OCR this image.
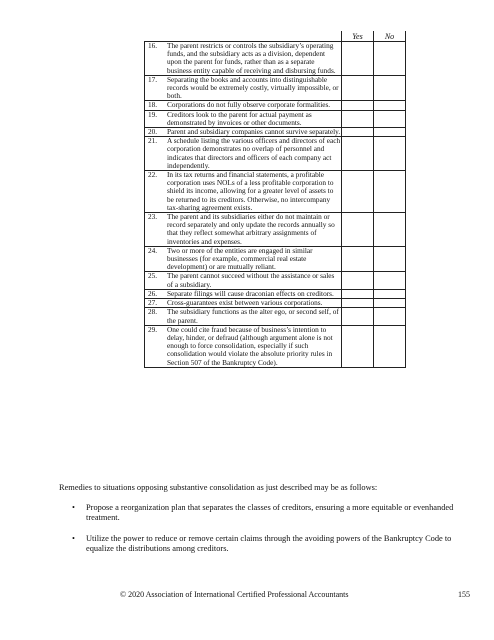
	Yes	No

16. The parent restricts or controls the subsidiary’s operating funds, and the subsidiary acts as a division, dependent upon the parent for funds, rather than as a separate business entity capable of receiving and disbursing funds.		

17. Separating the books and accounts into distinguishable records would be extremely costly, virtually impossible, or both.		

18. Corporations do not fully observe corporate formalities.		

19. Creditors look to the parent for actual payment as demonstrated by invoices or other documents.		

20. Parent and subsidiary companies cannot survive separately.		

21. A schedule listing the various officers and directors of each corporation demonstrates no overlap of personnel and indicates that directors and officers of each company act independently.		

22. In its tax returns and financial statements, a profitable corporation uses NOLs of a less profitable corporation to shield its income, allowing for a greater level of assets to be returned to its creditors. Otherwise, no intercompany tax-sharing agreement exists.		

23. The parent and its subsidiaries either do not maintain or record separately and only update the records annually so that they reflect somewhat arbitrary assignments of inventories and expenses.		

24. Two or more of the entities are engaged in similar businesses (for example, commercial real estate development) or are mutually reliant.		

25. The parent cannot succeed without the assistance or sales of a subsidiary.		

26. Separate filings will cause draconian effects on creditors.		

27. Cross-guarantees exist between various corporations.		

28. The subsidiary functions as the alter ego, or second self, of the parent.		

29. One could cite fraud because of business’s intention to delay, hinder, or defraud (although argument alone is not enough to force consolidation, especially if such consolidation would violate the absolute priority rules in Section 507 of the Bankruptcy Code).		

Remedies to situations opposing substantive consolidation as just described may be as follows:
• Propose a reorganization plan that separates the classes of creditors, ensuring a more equitable or evenhanded treatment.
• Utilize the power to reduce or remove certain claims through the avoiding powers of the Bankruptcy Code to equalize the distributions among creditors.
© 2020 Association of International Certified Professional Accountants	155
